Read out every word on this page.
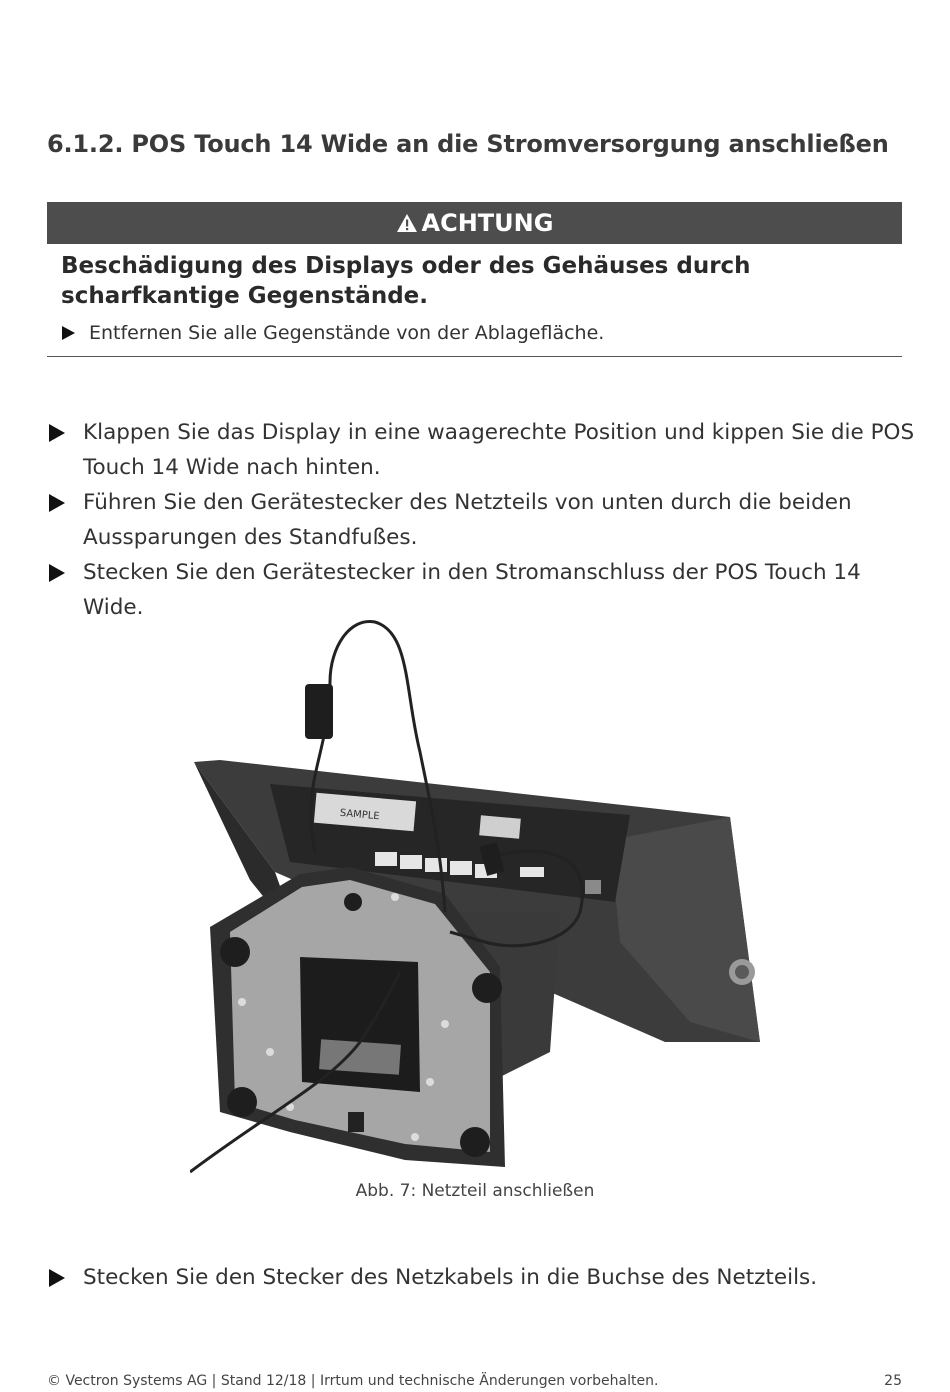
6.1.2. POS Touch 14 Wide an die Stromversorgung anschließen
ACHTUNG
Beschädigung des Displays oder des Gehäuses durch scharfkantige Gegenstände.
Entfernen Sie alle Gegenstände von der Ablagefläche.
Klappen Sie das Display in eine waagerechte Position und kippen Sie die POS Touch 14 Wide nach hinten.
Führen Sie den Gerätestecker des Netzteils von unten durch die beiden Aussparungen des Standfußes.
Stecken Sie den Gerätestecker in den Stromanschluss der POS Touch 14 Wide.
SAMPLE
Abb. 7: Netzteil anschließen
Stecken Sie den Stecker des Netzkabels in die Buchse des Netzteils.
© Vectron Systems AG | Stand 12/18 | Irrtum und technische Änderungen vorbehalten.	25
